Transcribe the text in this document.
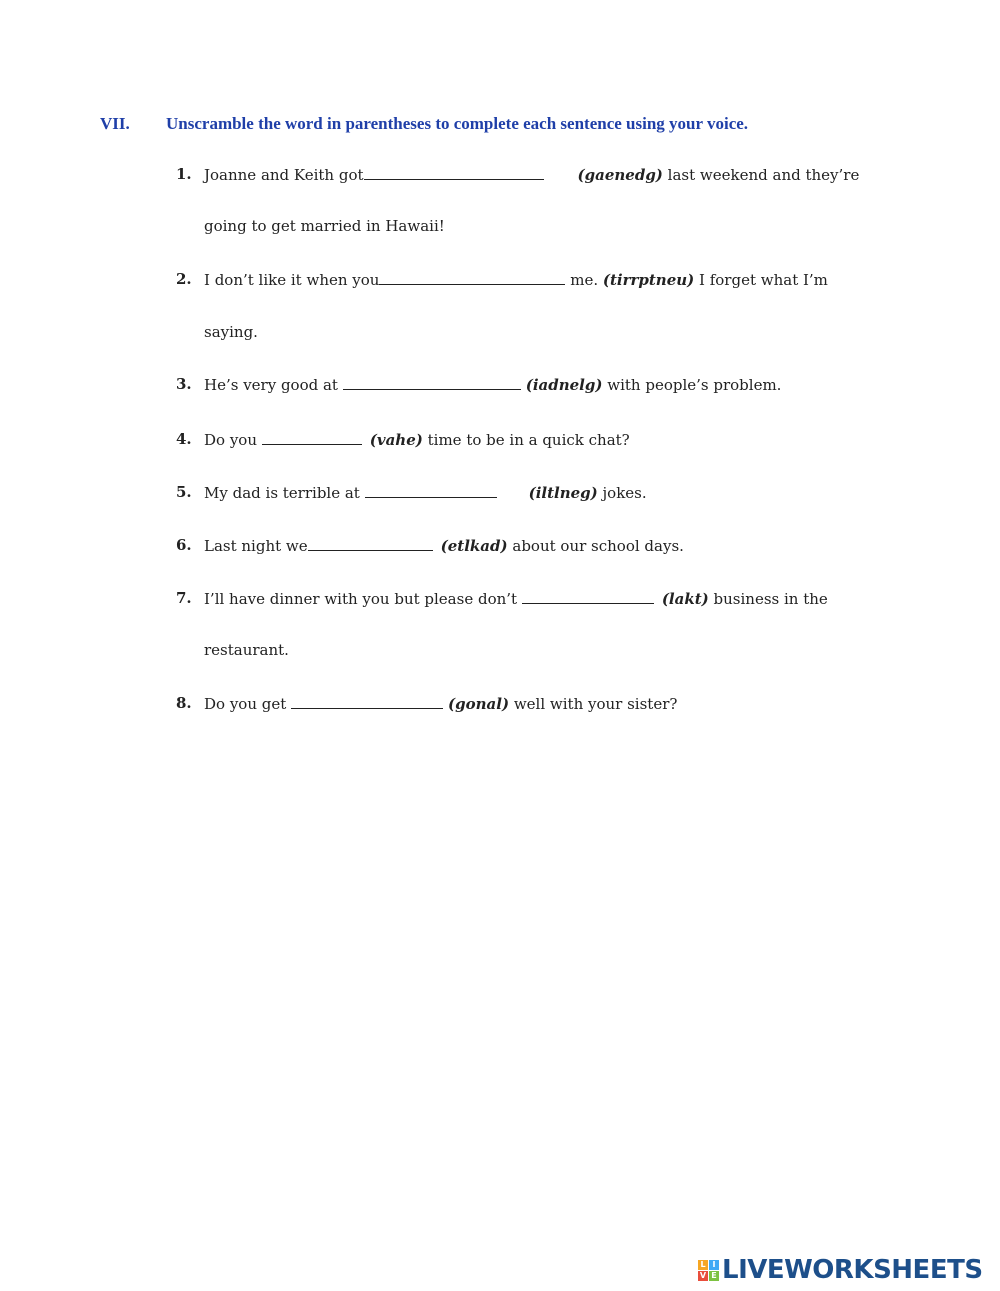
VII. Unscramble the word in parentheses to complete each sentence using your voice.
1. Joanne and Keith got	(gaenedg) last weekend and they’re
going to get married in Hawaii!
2. I don’t like it when you	me. (tirrptneu) I forget what I’m
saying.
3. He’s very good at	(iadnelg) with people’s problem.
4. Do you	(vahe) time to be in a quick chat?
5. My dad is terrible at	(iltlneg) jokes.
6. Last night we	(etlkad) about our school days.
7. I’ll have dinner with you but please don’t	(lakt) business in the
restaurant.
8. Do you get	(gonal) well with your sister?
L I
V E LIVEWORKSHEETS
